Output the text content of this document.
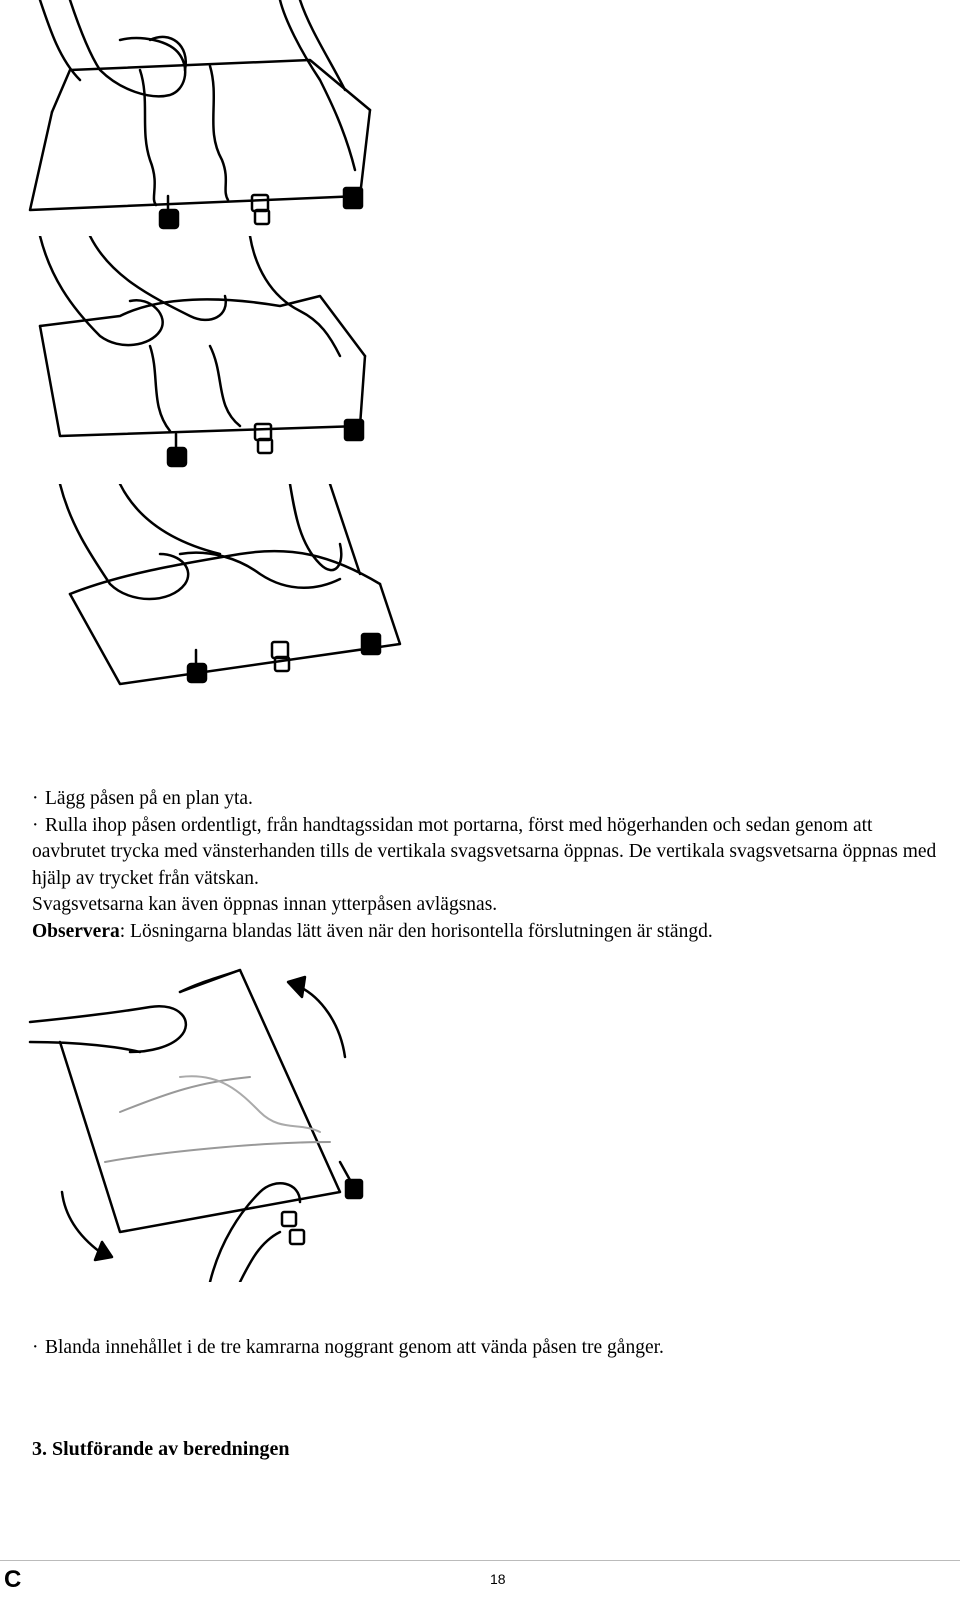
· Lägg påsen på en plan yta.

· Rulla ihop påsen ordentligt, från handtagssidan mot portarna, först med högerhanden och sedan genom att oavbrutet trycka med vänsterhanden tills de vertikala svagsvetsarna öppnas. De vertikala svagsvetsarna öppnas med hjälp av trycket från vätskan.

Svagsvetsarna kan även öppnas innan ytterpåsen avlägsnas.

Observera: Lösningarna blandas lätt även när den horisontella förslutningen är stängd.

· Blanda innehållet i de tre kamrarna noggrant genom att vända påsen tre gånger.

3. Slutförande av beredningen
C	18
